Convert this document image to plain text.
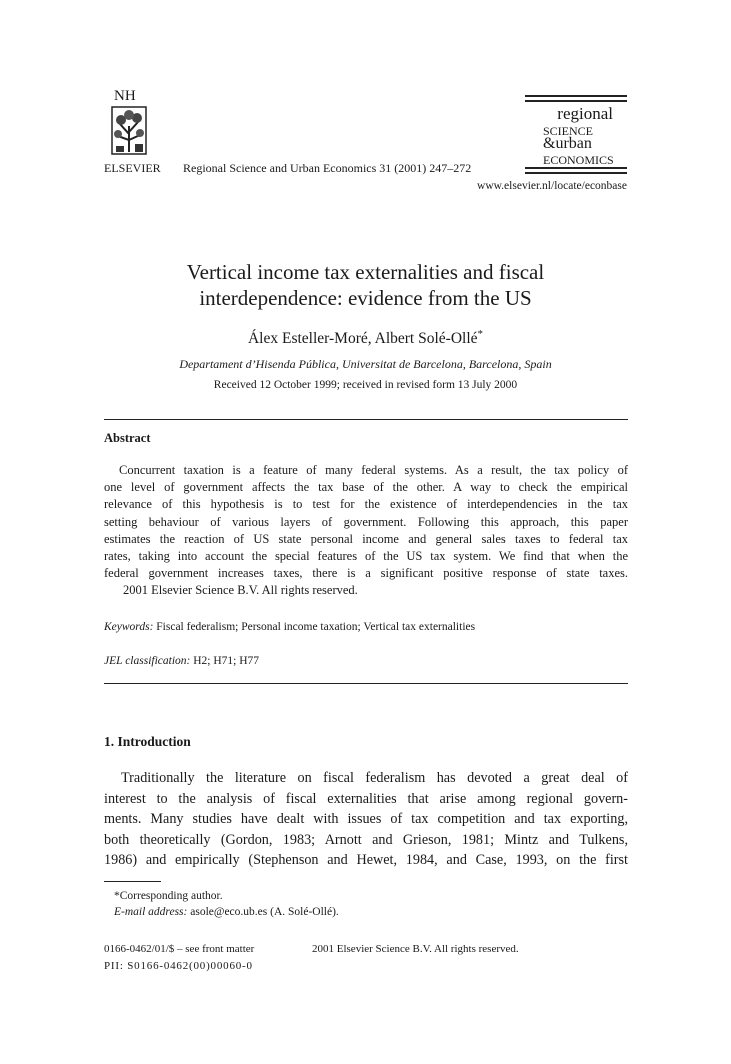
NH
ELSEVIER Regional Science and Urban Economics 31 (2001) 247–272
www.elsevier.nl/locate/econbase
regional
SCIENCE
&urban
ECONOMICS
Vertical income tax externalities and fiscal
interdependence: evidence from the US
Álex Esteller-Moré, Albert Solé-Ollé*
Departament d’Hisenda Pública, Universitat de Barcelona, Barcelona, Spain
Received 12 October 1999; received in revised form 13 July 2000
Abstract
Concurrent taxation is a feature of many federal systems. As a result, the tax policy of
one level of government affects the tax base of the other. A way to check the empirical
relevance of this hypothesis is to test for the existence of interdependencies in the tax
setting behaviour of various layers of government. Following this approach, this paper
estimates the reaction of US state personal income and general sales taxes to federal tax
rates, taking into account the special features of the US tax system. We find that when the
federal government increases taxes, there is a significant positive response of state taxes.
2001 Elsevier Science B.V. All rights reserved.
Keywords: Fiscal federalism; Personal income taxation; Vertical tax externalities
JEL classification: H2; H71; H77
1. Introduction
Traditionally the literature on fiscal federalism has devoted a great deal of
interest to the analysis of fiscal externalities that arise among regional govern-
ments. Many studies have dealt with issues of tax competition and tax exporting,
both theoretically (Gordon, 1983; Arnott and Grieson, 1981; Mintz and Tulkens,
1986) and empirically (Stephenson and Hewet, 1984, and Case, 1993, on the first
*Corresponding author.
E-mail address: asole@eco.ub.es (A. Solé-Ollé).
0166-0462/01/$ – see front matter	2001 Elsevier Science B.V. All rights reserved.
PII: S0166-0462(00)00060-0
